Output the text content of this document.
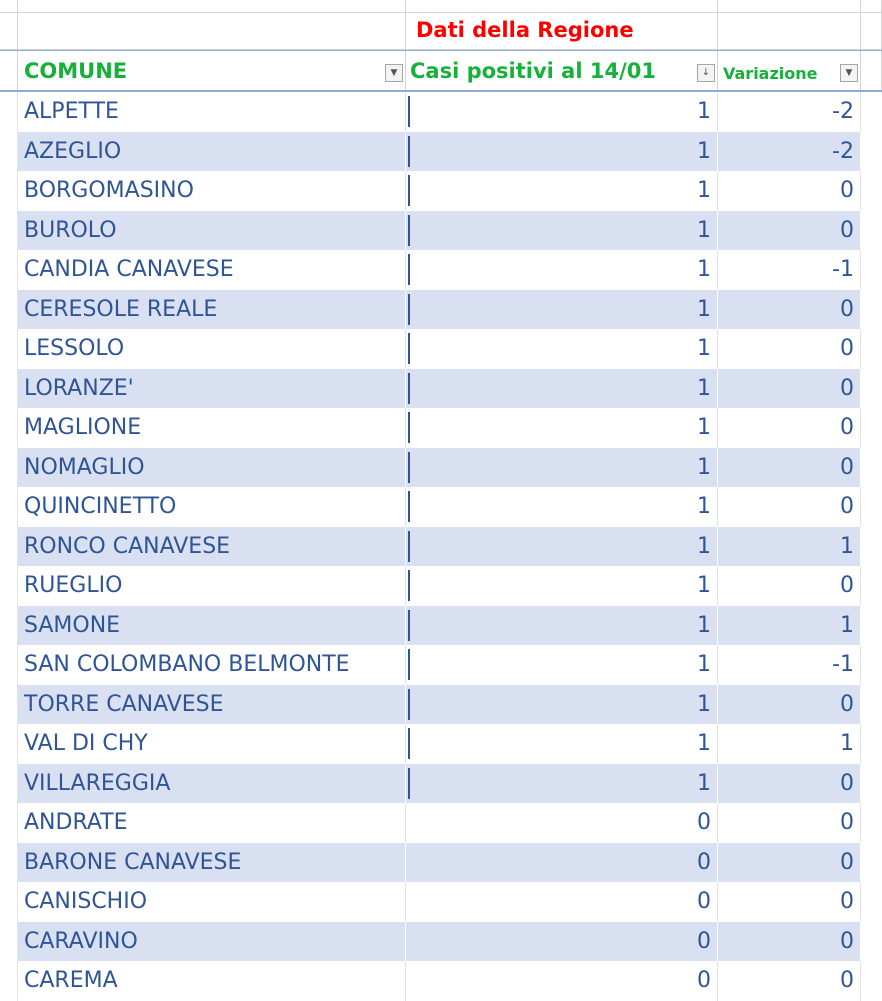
Dati della Regione
COMUNE	▼ Casi positivi al 14/01	↓ Variazione	▼
ALPETTE	1	-2
AZEGLIO	1	-2
BORGOMASINO	1	0
BUROLO	1	0
CANDIA CANAVESE	1	-1
CERESOLE REALE	1	0
LESSOLO	1	0
LORANZE'	1	0
MAGLIONE	1	0
NOMAGLIO	1	0
QUINCINETTO	1	0
RONCO CANAVESE	1	1
RUEGLIO	1	0
SAMONE	1	1
SAN COLOMBANO BELMONTE	1	-1
TORRE CANAVESE	1	0
VAL DI CHY	1	1
VILLAREGGIA	1	0
ANDRATE	0	0
BARONE CANAVESE	0	0
CANISCHIO	0	0
CARAVINO	0	0
CAREMA	0	0
